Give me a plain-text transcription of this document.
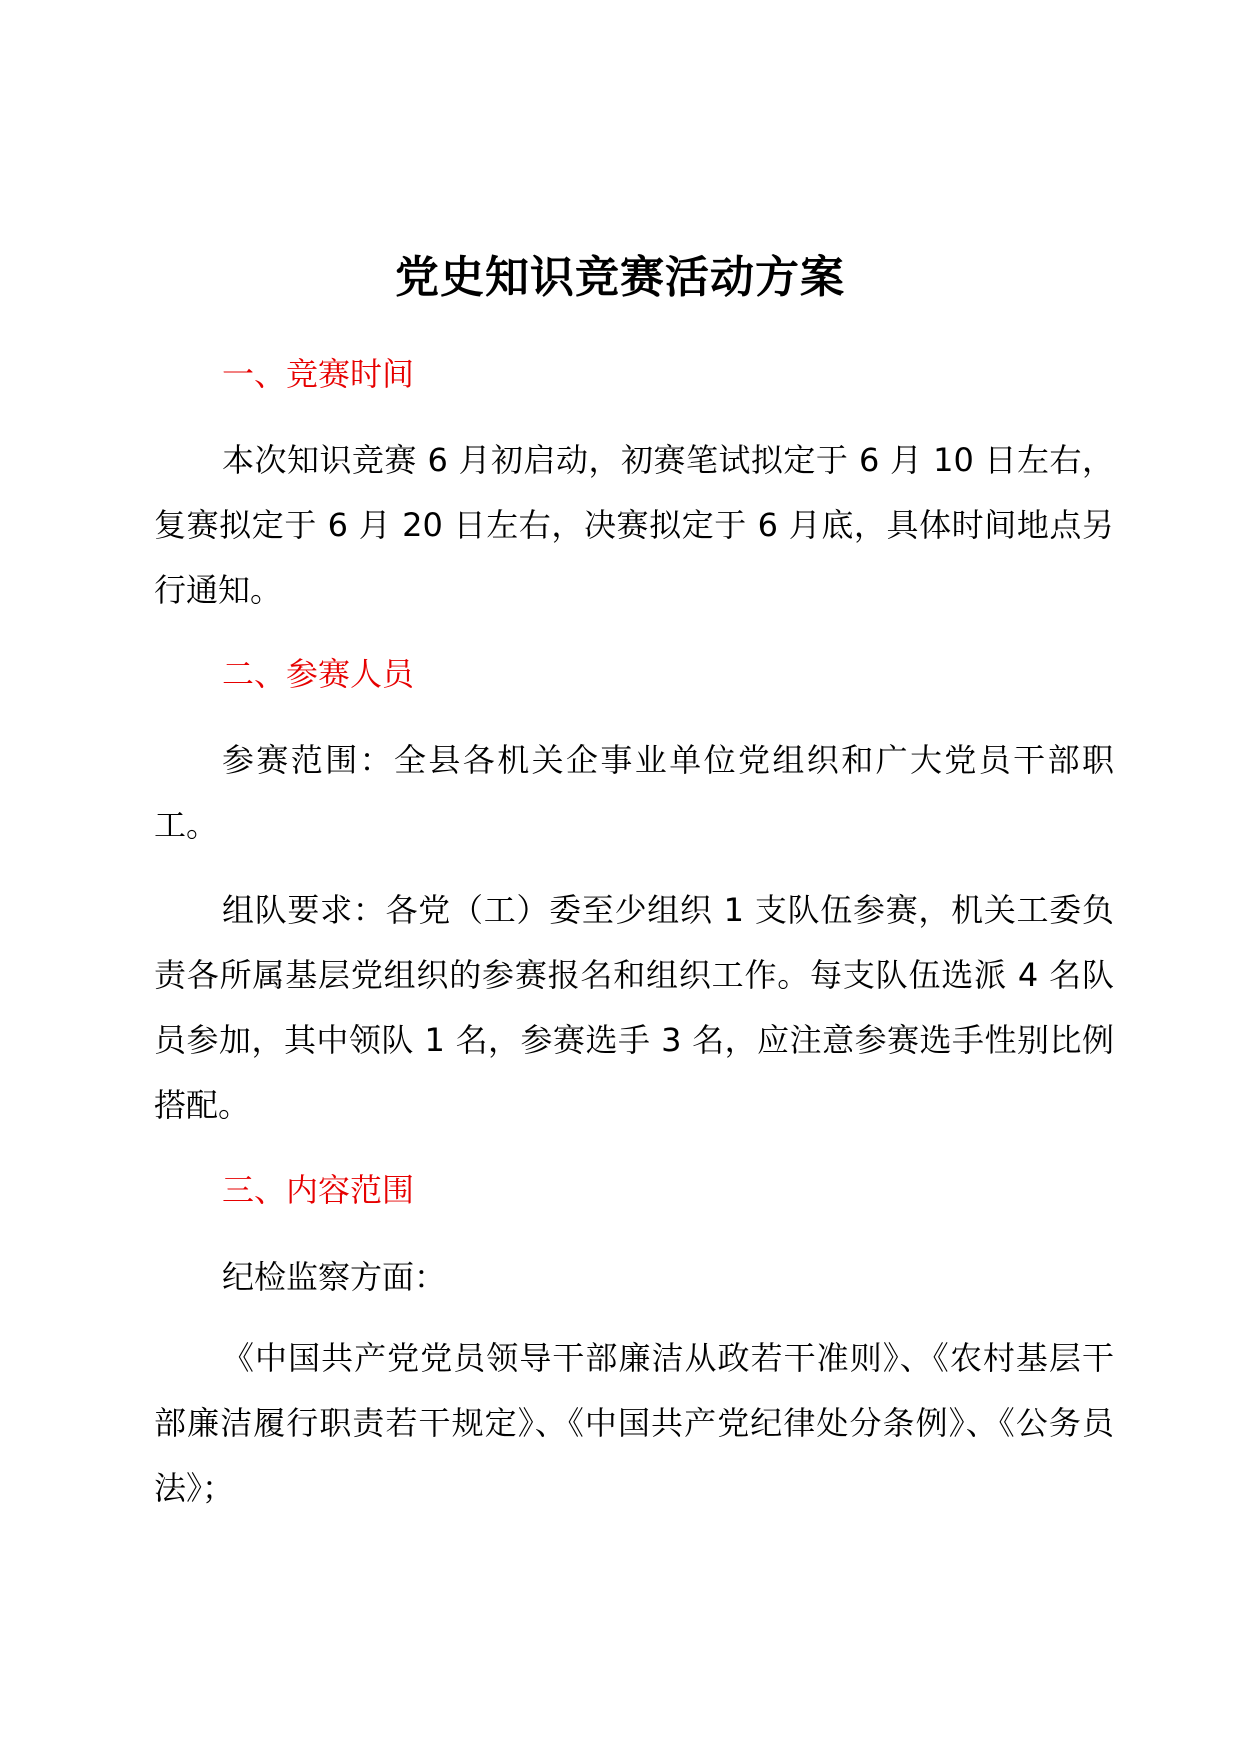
党史知识竞赛活动方案
一、竞赛时间
本次知识竞赛 6 月初启动，初赛笔试拟定于 6 月 10 日左右，复赛拟定于 6 月 20 日左右，决赛拟定于 6 月底，具体时间地点另行通知。
二、参赛人员
参赛范围：全县各机关企事业单位党组织和广大党员干部职工。
组队要求：各党（工）委至少组织 1 支队伍参赛，机关工委负责各所属基层党组织的参赛报名和组织工作。每支队伍选派 4 名队员参加，其中领队 1 名，参赛选手 3 名，应注意参赛选手性别比例搭配。
三、内容范围
纪检监察方面：
《中国共产党党员领导干部廉洁从政若干准则》、《农村基层干部廉洁履行职责若干规定》、《中国共产党纪律处分条例》、《公务员法》；
